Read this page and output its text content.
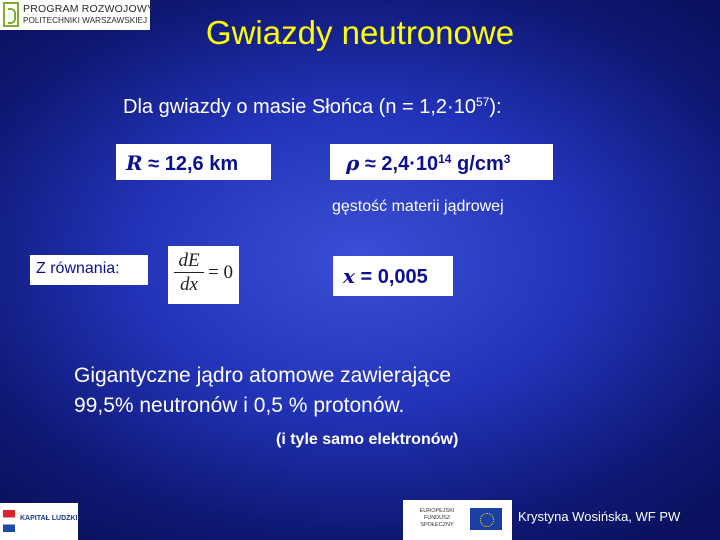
PROGRAM ROZWOJOWY
POLITECHNIKI WARSZAWSKIEJ	Gwiazdy neutronowe
Dla gwiazdy o masie Słońca $(n = 1,2\cdot 10^{57})$:
R ≈ 12,6 km	$\rho \approx 2,4\cdot 10^{14}$ $g/cm^3$
gęstość materii jądrowej
Z równania:	$\frac{dE}{dx} = 0$	x = 0,005
Gigantyczne jądro atomowe zawierające
99,5% neutronów i 0,5 % protonów.
(i tyle samo elektronów)
KAPITAŁ LUDZKI
EUROPEJSKI FUNDUSZ SPOŁECZNY
Krystyna Wosińska, WF PW
